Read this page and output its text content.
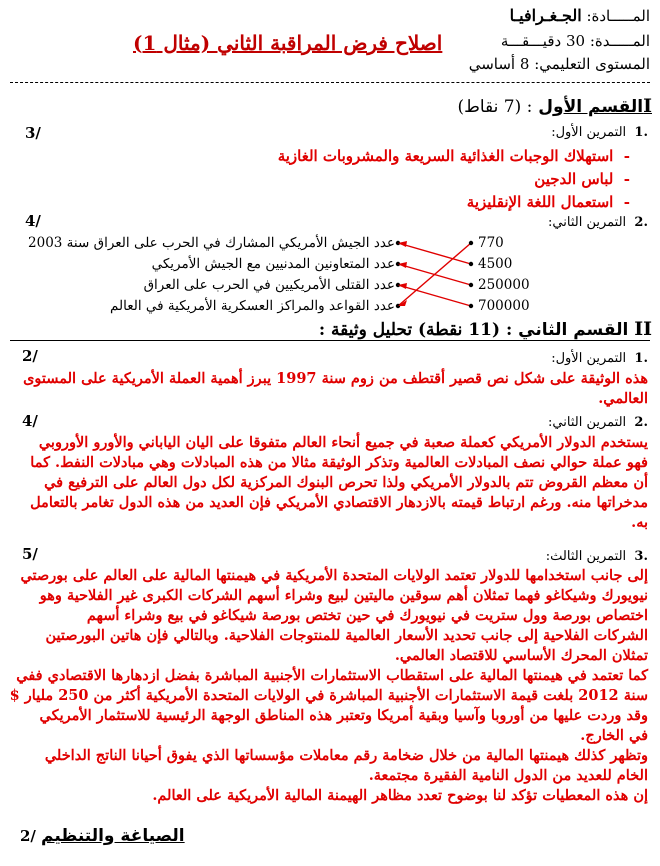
المـــــادة: الجـغـرافيـا
المـــــدة: 30 دقيـــقـــة
المستوى التعليمي: 8 أساسي
اصلاح فرض المراقبة الثاني (مثال 1)
Iالقسم الأول : (7 نقاط)
.1  التمرين الأول:
3/
-  استهلاك الوجبات الغذائية السريعة والمشروبات الغازية
-  لباس الدجين
-  استعمال اللغة الإنقليزية
.2  التمرين الثاني:
4/
عدد الجيش الأمريكي المشارك في الحرب على العراق سنة 2003
عدد المتعاونين المدنيين مع الجيش الأمريكي
عدد القتلى الأمريكيين في الحرب على العراق
عدد القواعد والمراكز العسكرية الأمريكية في العالم
770
4500
250000
700000
II القسم الثاني : (11 نقطة) تحليل وثيقة :
.1  التمرين الأول:
2/
هذه الوثيقة على شكل نص قصير أقتطف من زوم سنة 1997 يبرز أهمية العملة الأمريكية على المستوى
العالمي.
.2  التمرين الثاني:
4/
يستخدم الدولار الأمريكي كعملة صعبة في جميع أنحاء العالم متفوقا على اليان الياباني والأورو الأوروبي
فهو عملة حوالي نصف المبادلات العالمية وتذكر الوثيقة مثالا من هذه المبادلات وهي مبادلات النفط. كما
أن معظم القروض تتم بالدولار الأمريكي ولذا تحرص البنوك المركزية لكل دول العالم على الترفيع في
مدخراتها منه. ورغم ارتباط قيمته بالازدهار الاقتصادي الأمريكي فإن العديد من هذه الدول تغامر بالتعامل
به.
.3  التمرين الثالث:
5/
إلى جانب استخدامها للدولار تعتمد الولايات المتحدة الأمريكية في هيمنتها المالية على العالم على بورصتي
نيويورك وشيكاغو فهما تمثلان أهم سوقين ماليتين لبيع وشراء أسهم الشركات الكبرى غير الفلاحية وهو
اختصاص بورصة وول ستريت في نيويورك في حين تختص بورصة شيكاغو في بيع وشراء أسهم
الشركات الفلاحية إلى جانب تحديد الأسعار العالمية للمنتوجات الفلاحية. وبالتالي فإن هاتين البورصتين
تمثلان المحرك الأساسي للاقتصاد العالمي.
كما تعتمد في هيمنتها المالية على استقطاب الاستثمارات الأجنبية المباشرة بفضل ازدهارها الاقتصادي ففي
سنة 2012 بلغت قيمة الاستثمارات الأجنبية المباشرة في الولايات المتحدة الأمريكية أكثر من 250 مليار $
وقد وردت عليها من أوروبا وآسيا وبقية أمريكا وتعتبر هذه المناطق الوجهة الرئيسية للاستثمار الأمريكي
في الخارج.
وتظهر كذلك هيمنتها المالية من خلال ضخامة رقم معاملات مؤسساتها الذي يفوق أحيانا الناتج الداخلي
الخام للعديد من الدول النامية الفقيرة مجتمعة.
إن هذه المعطيات تؤكد لنا بوضوح تعدد مظاهر الهيمنة المالية الأمريكية على العالم.
2/ الصياغة والتنظيم
